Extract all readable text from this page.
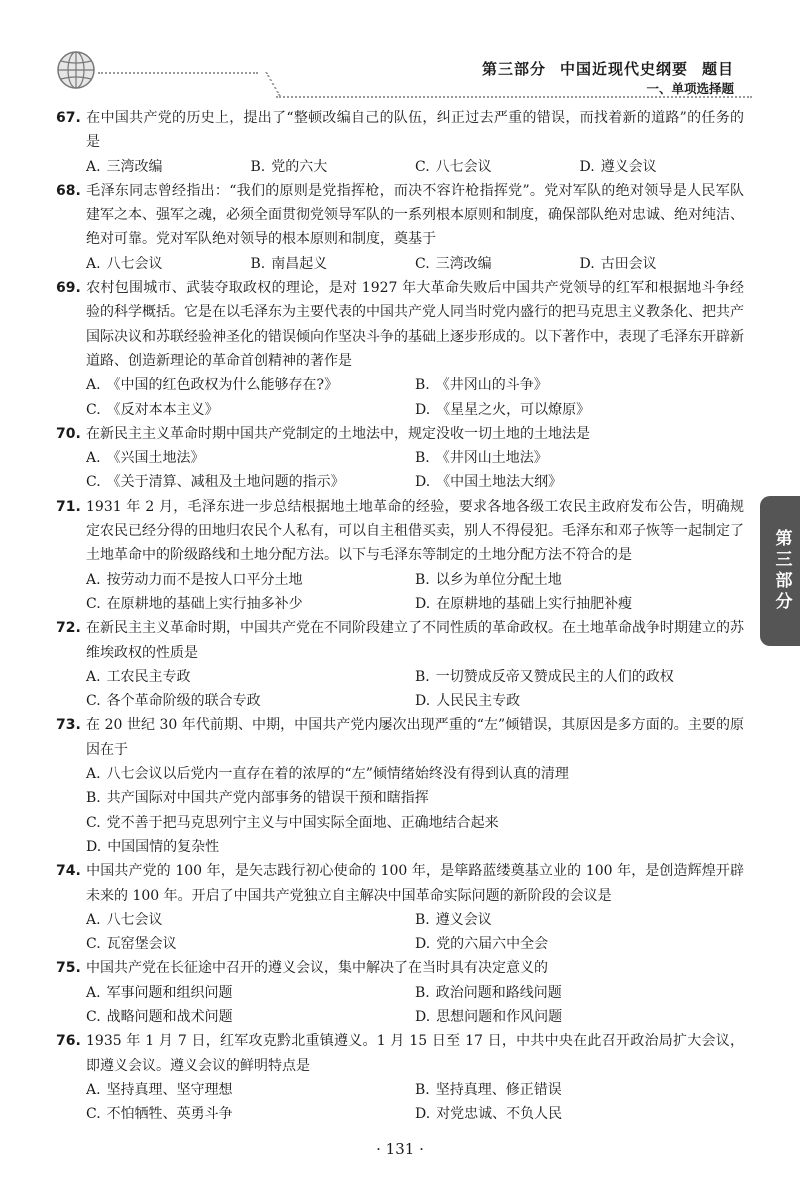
第三部分 中国近现代史纲要 题目
一、单项选择题
67. 在中国共产党的历史上，提出了“整顿改编自己的队伍，纠正过去严重的错误，而找着新的道路”的任务的是
A. 三湾改编	B. 党的六大	C. 八七会议	D. 遵义会议
68. 毛泽东同志曾经指出：“我们的原则是党指挥枪，而决不容许枪指挥党”。党对军队的绝对领导是人民军队建军之本、强军之魂，必须全面贯彻党领导军队的一系列根本原则和制度，确保部队绝对忠诚、绝对纯洁、绝对可靠。党对军队绝对领导的根本原则和制度，奠基于
A. 八七会议	B. 南昌起义	C. 三湾改编	D. 古田会议
69. 农村包围城市、武装夺取政权的理论，是对 1927 年大革命失败后中国共产党领导的红军和根据地斗争经验的科学概括。它是在以毛泽东为主要代表的中国共产党人同当时党内盛行的把马克思主义教条化、把共产国际决议和苏联经验神圣化的错误倾向作坚决斗争的基础上逐步形成的。以下著作中，表现了毛泽东开辟新道路、创造新理论的革命首创精神的著作是
A. 《中国的红色政权为什么能够存在?》	B. 《井冈山的斗争》
C. 《反对本本主义》	D. 《星星之火，可以燎原》
70. 在新民主主义革命时期中国共产党制定的土地法中，规定没收一切土地的土地法是
A. 《兴国土地法》	B. 《井冈山土地法》
C. 《关于清算、减租及土地问题的指示》	D. 《中国土地法大纲》
71. 1931 年 2 月，毛泽东进一步总结根据地土地革命的经验，要求各地各级工农民主政府发布公告，明确规定农民已经分得的田地归农民个人私有，可以自主租借买卖，别人不得侵犯。毛泽东和邓子恢等一起制定了土地革命中的阶级路线和土地分配方法。以下与毛泽东等制定的土地分配方法不符合的是
A. 按劳动力而不是按人口平分土地	B. 以乡为单位分配土地
C. 在原耕地的基础上实行抽多补少	D. 在原耕地的基础上实行抽肥补瘦
72. 在新民主主义革命时期，中国共产党在不同阶段建立了不同性质的革命政权。在土地革命战争时期建立的苏维埃政权的性质是
A. 工农民主专政	B. 一切赞成反帝又赞成民主的人们的政权
C. 各个革命阶级的联合专政	D. 人民民主专政
73. 在 20 世纪 30 年代前期、中期，中国共产党内屡次出现严重的“左”倾错误，其原因是多方面的。主要的原因在于
A. 八七会议以后党内一直存在着的浓厚的“左”倾情绪始终没有得到认真的清理
B. 共产国际对中国共产党内部事务的错误干预和瞎指挥
C. 党不善于把马克思列宁主义与中国实际全面地、正确地结合起来
D. 中国国情的复杂性
74. 中国共产党的 100 年，是矢志践行初心使命的 100 年，是筚路蓝缕奠基立业的 100 年，是创造辉煌开辟未来的 100 年。开启了中国共产党独立自主解决中国革命实际问题的新阶段的会议是
A. 八七会议	B. 遵义会议
C. 瓦窑堡会议	D. 党的六届六中全会
75. 中国共产党在长征途中召开的遵义会议，集中解决了在当时具有决定意义的
A. 军事问题和组织问题	B. 政治问题和路线问题
C. 战略问题和战术问题	D. 思想问题和作风问题
76. 1935 年 1 月 7 日，红军攻克黔北重镇遵义。1 月 15 日至 17 日，中共中央在此召开政治局扩大会议，即遵义会议。遵义会议的鲜明特点是
A. 坚持真理、坚守理想	B. 坚持真理、修正错误
C. 不怕牺牲、英勇斗争	D. 对党忠诚、不负人民
第三部分
· 131 ·
